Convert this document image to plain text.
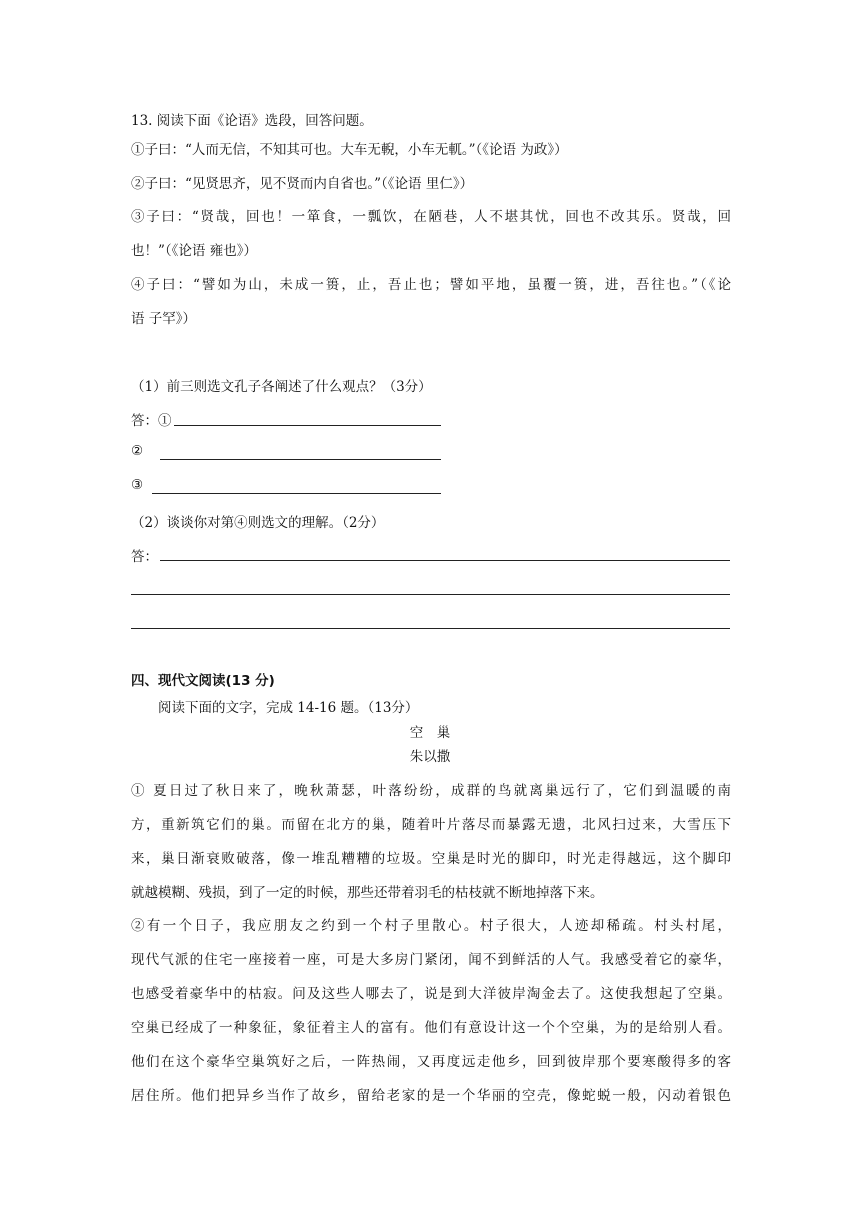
13. 阅读下面《论语》选段，回答问题。
①子曰：“人而无信，不知其可也。大车无輗，小车无軏。”（《论语 为政》）
②子曰：“见贤思齐，见不贤而内自省也。”（《论语 里仁》）
③子曰：“贤哉，回也！一箪食，一瓢饮，在陋巷，人不堪其忧，回也不改其乐。贤哉，回
也！”（《论语 雍也》）
④子曰：“譬如为山，未成一篑，止，吾止也；譬如平地，虽覆一篑，进，吾往也。”（《论
语 子罕》）
（1）前三则选文孔子各阐述了什么观点？（3分）
答：①
②
③
（2）谈谈你对第④则选文的理解。（2分）
答：
四、现代文阅读(13 分)
阅读下面的文字，完成 14-16 题。（13分）
空　巢
朱以撒
① 夏日过了秋日来了，晚秋萧瑟，叶落纷纷，成群的鸟就离巢远行了，它们到温暖的南
方，重新筑它们的巢。而留在北方的巢，随着叶片落尽而暴露无遗，北风扫过来，大雪压下
来，巢日渐衰败破落，像一堆乱糟糟的垃圾。空巢是时光的脚印，时光走得越远，这个脚印
就越模糊、残损，到了一定的时候，那些还带着羽毛的枯枝就不断地掉落下来。
②有一个日子，我应朋友之约到一个村子里散心。村子很大，人迹却稀疏。村头村尾，
现代气派的住宅一座接着一座，可是大多房门紧闭，闻不到鲜活的人气。我感受着它的豪华，
也感受着豪华中的枯寂。问及这些人哪去了，说是到大洋彼岸淘金去了。这使我想起了空巢。
空巢已经成了一种象征，象征着主人的富有。他们有意设计这一个个空巢，为的是给别人看。
他们在这个豪华空巢筑好之后，一阵热闹，又再度远走他乡，回到彼岸那个要寒酸得多的客
居住所。他们把异乡当作了故乡，留给老家的是一个华丽的空壳，像蛇蜕一般，闪动着银色
